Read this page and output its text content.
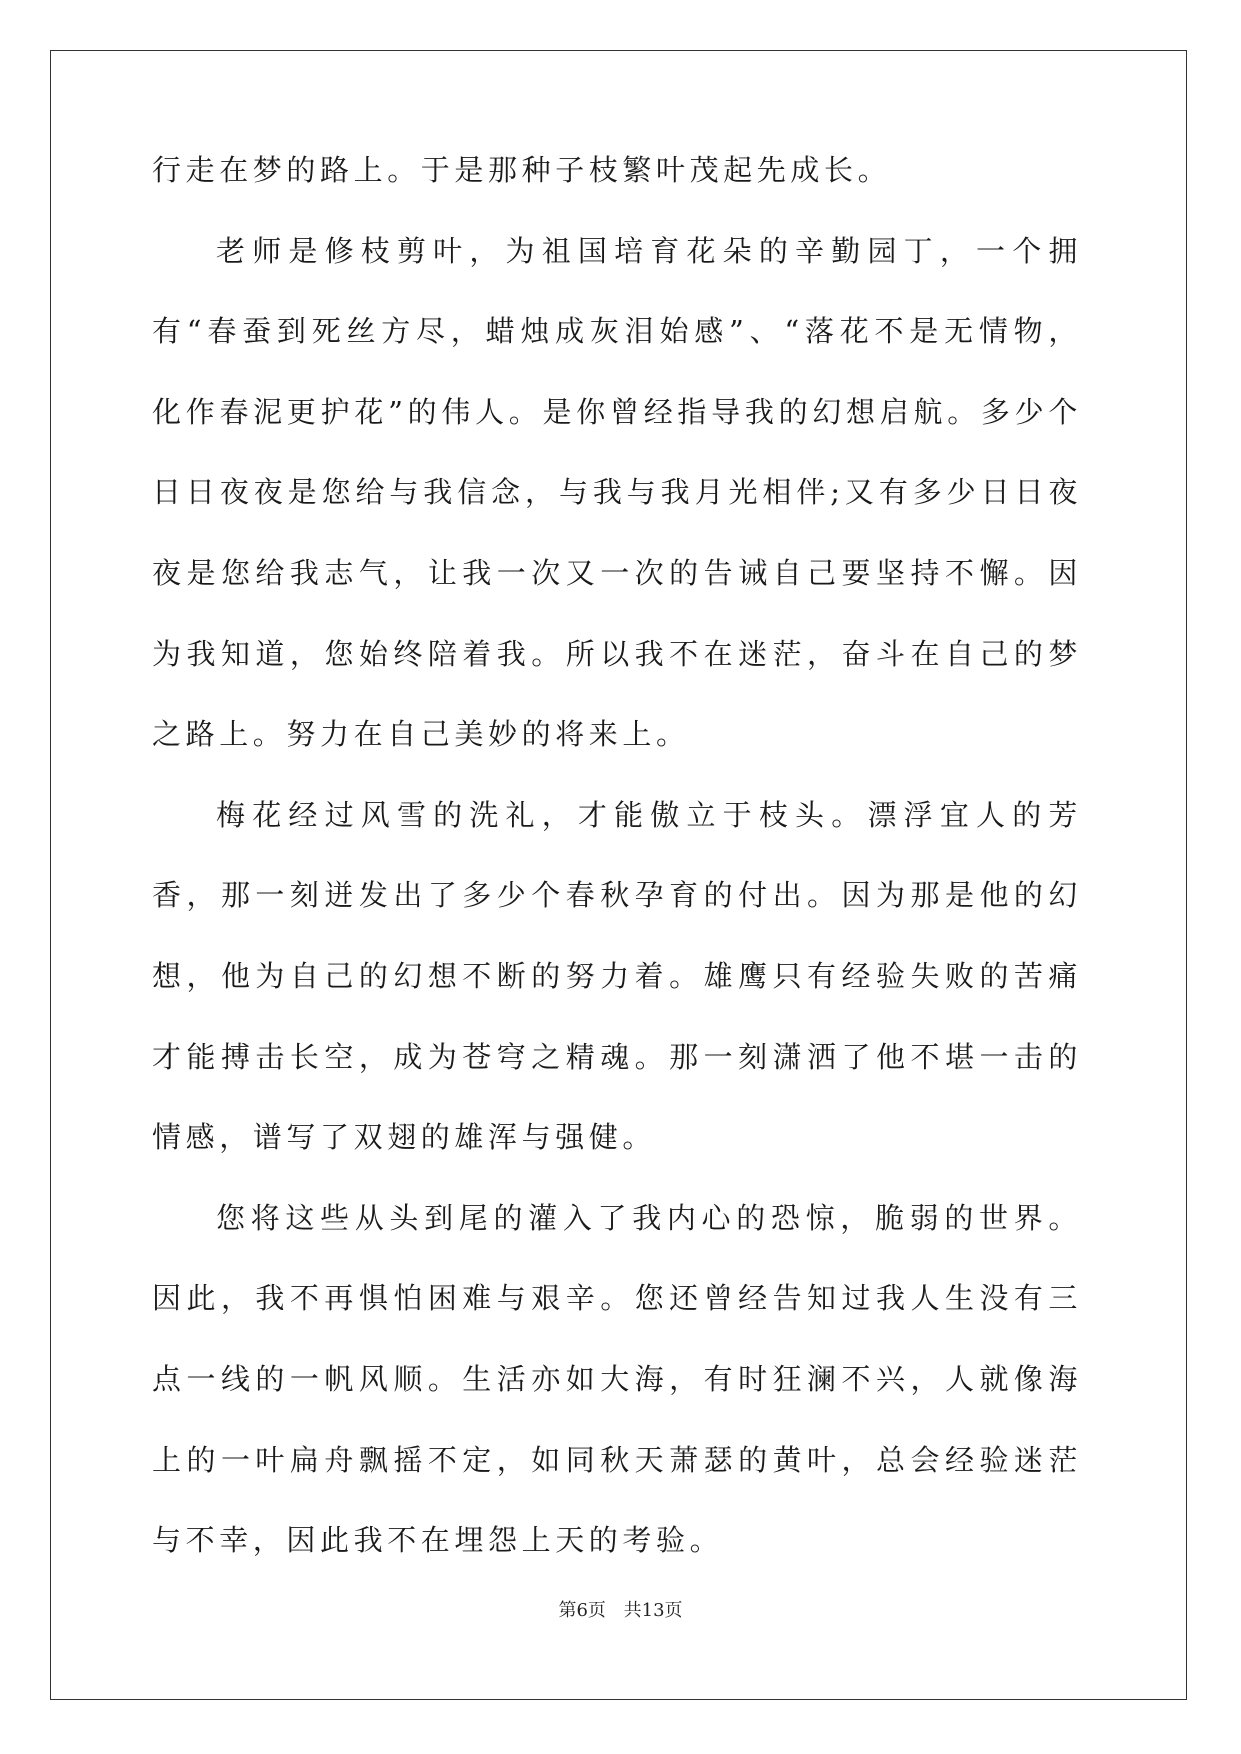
行走在梦的路上。于是那种子枝繁叶茂起先成长。

老师是修枝剪叶，为祖国培育花朵的辛勤园丁，一个拥有“春蚕到死丝方尽，蜡烛成灰泪始感”、“落花不是无情物，化作春泥更护花”的伟人。是你曾经指导我的幻想启航。多少个日日夜夜是您给与我信念，与我与我月光相伴;又有多少日日夜夜是您给我志气，让我一次又一次的告诫自己要坚持不懈。因为我知道，您始终陪着我。所以我不在迷茫，奋斗在自己的梦之路上。努力在自己美妙的将来上。

梅花经过风雪的洗礼，才能傲立于枝头。漂浮宜人的芳香，那一刻迸发出了多少个春秋孕育的付出。因为那是他的幻想，他为自己的幻想不断的努力着。雄鹰只有经验失败的苦痛才能搏击长空，成为苍穹之精魂。那一刻潇洒了他不堪一击的情感，谱写了双翅的雄浑与强健。

您将这些从头到尾的灌入了我内心的恐惊，脆弱的世界。因此，我不再惧怕困难与艰辛。您还曾经告知过我人生没有三点一线的一帆风顺。生活亦如大海，有时狂澜不兴，人就像海上的一叶扁舟飘摇不定，如同秋天萧瑟的黄叶，总会经验迷茫与不幸，因此我不在埋怨上天的考验。

第6页 共13页
